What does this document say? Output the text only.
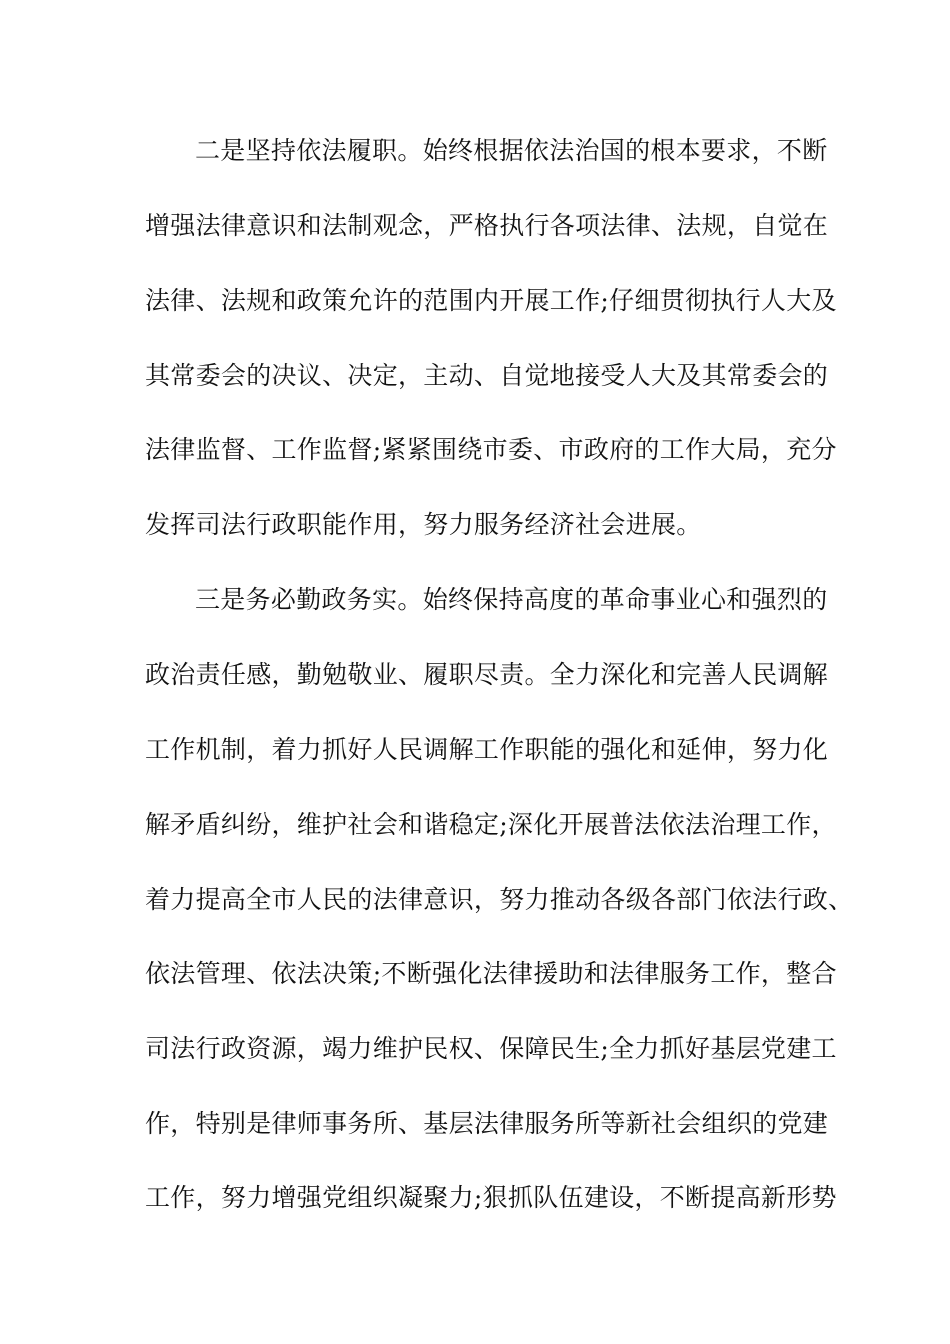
二是坚持依法履职。始终根据依法治国的根本要求，不断
增强法律意识和法制观念，严格执行各项法律、法规，自觉在
法律、法规和政策允许的范围内开展工作;仔细贯彻执行人大及
其常委会的决议、决定，主动、自觉地接受人大及其常委会的
法律监督、工作监督;紧紧围绕市委、市政府的工作大局，充分
发挥司法行政职能作用，努力服务经济社会进展。
三是务必勤政务实。始终保持高度的革命事业心和强烈的
政治责任感，勤勉敬业、履职尽责。全力深化和完善人民调解
工作机制，着力抓好人民调解工作职能的强化和延伸，努力化
解矛盾纠纷，维护社会和谐稳定;深化开展普法依法治理工作，
着力提高全市人民的法律意识，努力推动各级各部门依法行政、
依法管理、依法决策;不断强化法律援助和法律服务工作，整合
司法行政资源，竭力维护民权、保障民生;全力抓好基层党建工
作，特别是律师事务所、基层法律服务所等新社会组织的党建
工作，努力增强党组织凝聚力;狠抓队伍建设，不断提高新形势
